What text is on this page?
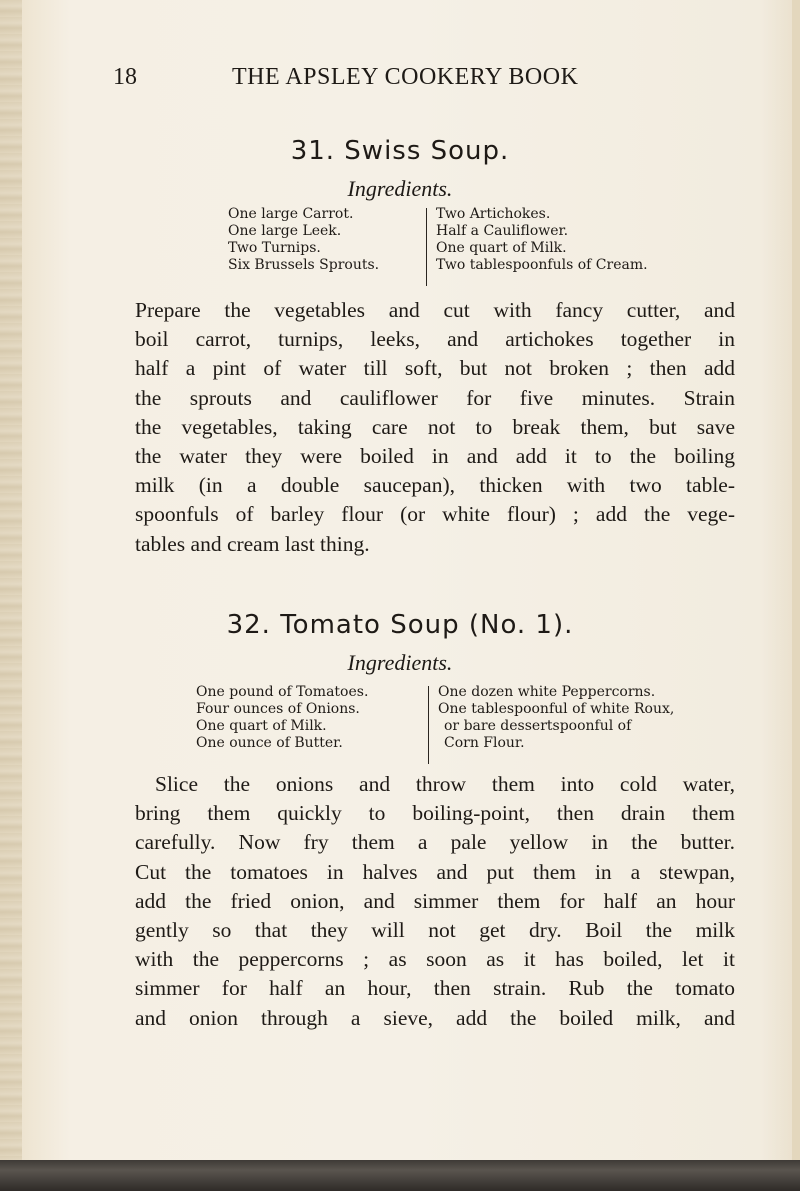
18	THE APSLEY COOKERY BOOK
31. Swiss Soup.
Ingredients.
One large Carrot.
One large Leek.
Two Turnips.
Six Brussels Sprouts.
Two Artichokes.
Half a Cauliflower.
One quart of Milk.
Two tablespoonfuls of Cream.
Prepare the vegetables and cut with fancy cutter, and
boil carrot, turnips, leeks, and artichokes together in
half a pint of water till soft, but not broken ; then add
the sprouts and cauliflower for five minutes. Strain
the vegetables, taking care not to break them, but save
the water they were boiled in and add it to the boiling
milk (in a double saucepan), thicken with two table-
spoonfuls of barley flour (or white flour) ; add the vege-
tables and cream last thing.
32. Tomato Soup (No. 1).
Ingredients.
One pound of Tomatoes.
Four ounces of Onions.
One quart of Milk.
One ounce of Butter.
One dozen white Peppercorns.
One tablespoonful of white Roux,
or bare dessertspoonful of
Corn Flour.
Slice the onions and throw them into cold water,
bring them quickly to boiling-point, then drain them
carefully. Now fry them a pale yellow in the butter.
Cut the tomatoes in halves and put them in a stewpan,
add the fried onion, and simmer them for half an hour
gently so that they will not get dry. Boil the milk
with the peppercorns ; as soon as it has boiled, let it
simmer for half an hour, then strain. Rub the tomato
and onion through a sieve, add the boiled milk, and
